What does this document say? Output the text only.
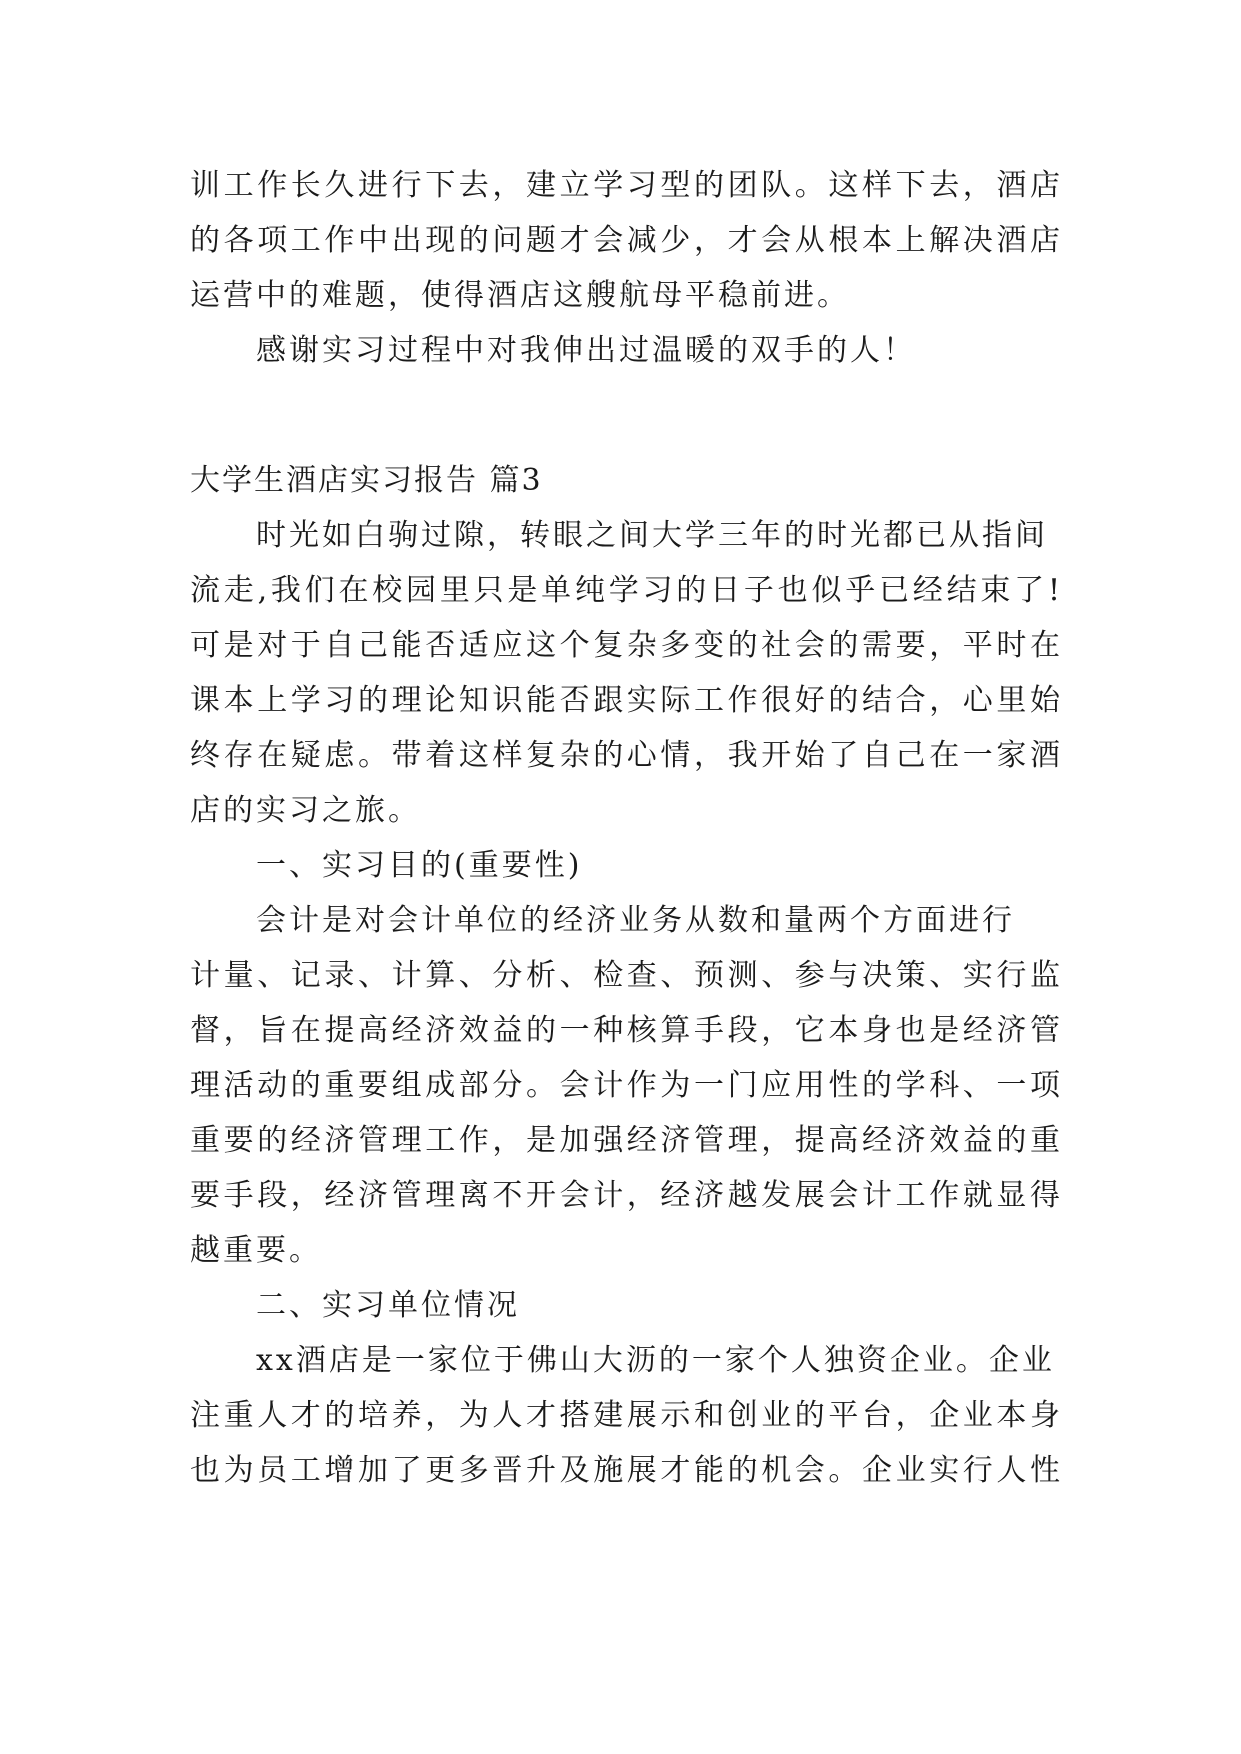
训工作长久进行下去，建立学习型的团队。这样下去，酒店
的各项工作中出现的问题才会减少，才会从根本上解决酒店
运营中的难题，使得酒店这艘航母平稳前进。
感谢实习过程中对我伸出过温暖的双手的人！
大学生酒店实习报告 篇3
时光如白驹过隙，转眼之间大学三年的时光都已从指间
流走,我们在校园里只是单纯学习的日子也似乎已经结束了!
可是对于自己能否适应这个复杂多变的社会的需要，平时在
课本上学习的理论知识能否跟实际工作很好的结合，心里始
终存在疑虑。带着这样复杂的心情，我开始了自己在一家酒
店的实习之旅。
一、实习目的(重要性)
会计是对会计单位的经济业务从数和量两个方面进行
计量、记录、计算、分析、检查、预测、参与决策、实行监
督，旨在提高经济效益的一种核算手段，它本身也是经济管
理活动的重要组成部分。会计作为一门应用性的学科、一项
重要的经济管理工作，是加强经济管理，提高经济效益的重
要手段，经济管理离不开会计，经济越发展会计工作就显得
越重要。
二、实习单位情况
xx酒店是一家位于佛山大沥的一家个人独资企业。企业
注重人才的培养，为人才搭建展示和创业的平台，企业本身
也为员工增加了更多晋升及施展才能的机会。企业实行人性
